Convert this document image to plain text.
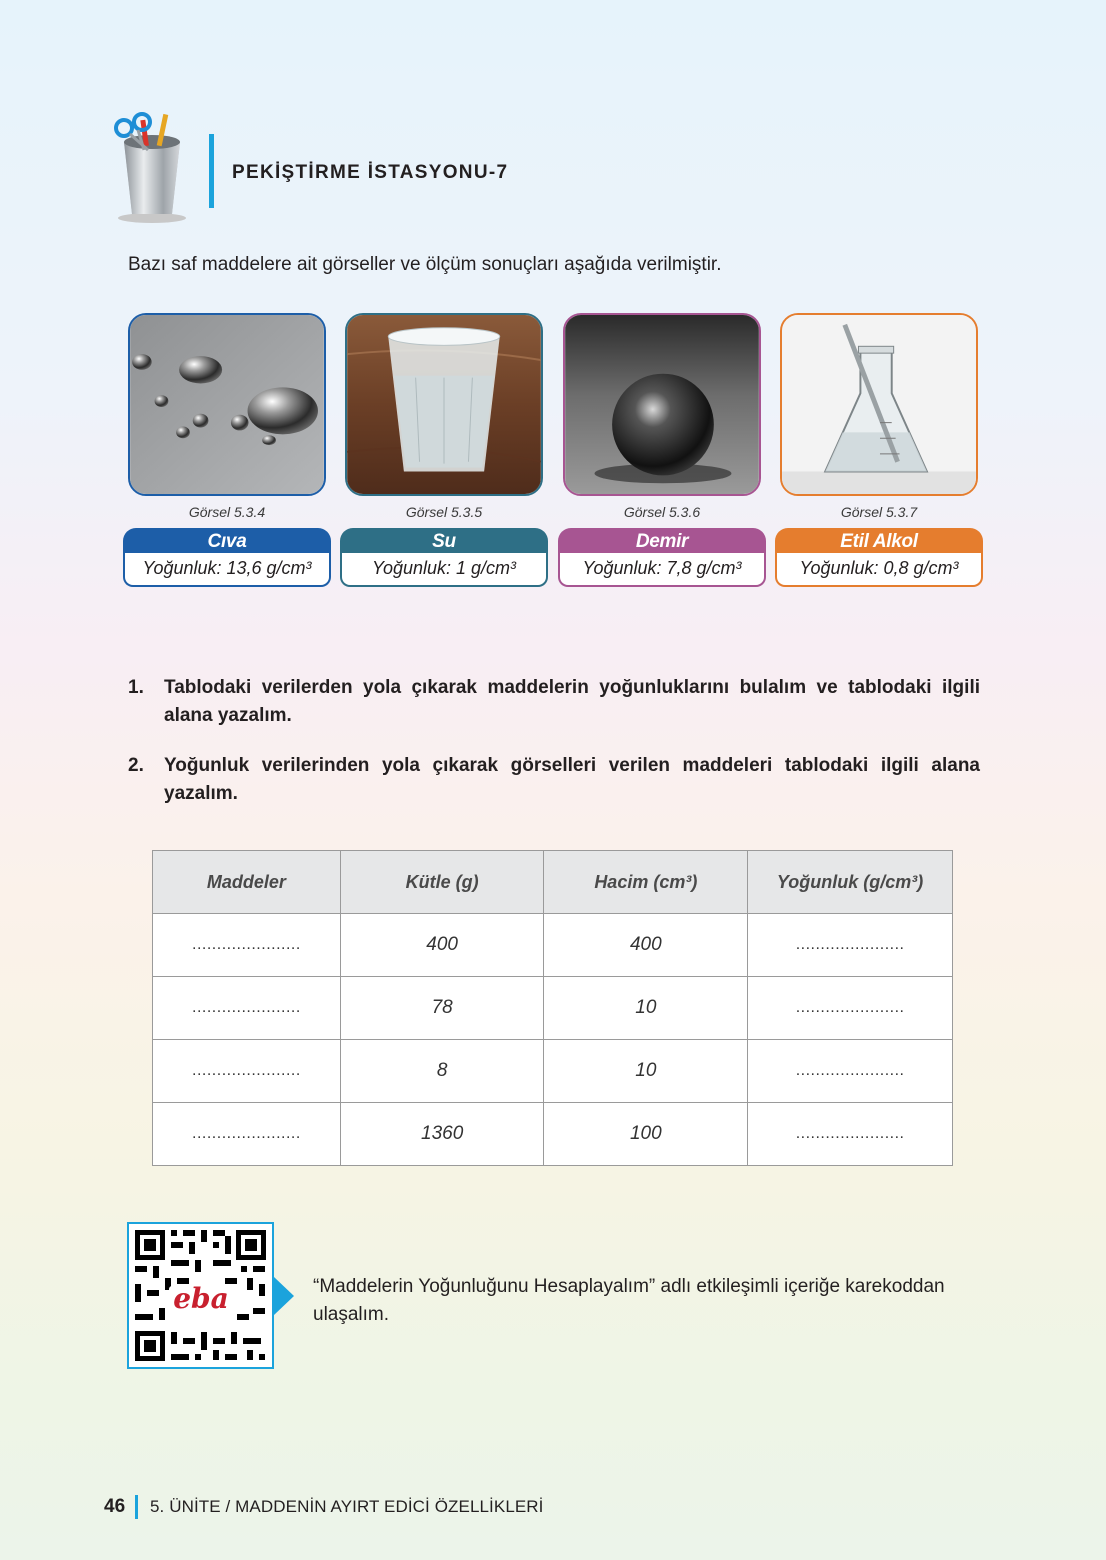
PEKİŞTİRME İSTASYONU-7
Bazı saf maddelere ait görseller ve ölçüm sonuçları aşağıda verilmiştir.
Görsel 5.3.4	Görsel 5.3.5	Görsel 5.3.6	Görsel 5.3.7
Cıva
Yoğunluk: 13,6 g/cm³
Su
Yoğunluk: 1 g/cm³
Demir
Yoğunluk: 7,8 g/cm³
Etil Alkol
Yoğunluk: 0,8 g/cm³
1. Tablodaki verilerden yola çıkarak maddelerin yoğunluklarını bulalım ve tablodaki ilgili alana yazalım.
2. Yoğunluk verilerinden yola çıkarak görselleri verilen maddeleri tablodaki ilgili alana yazalım.
Maddeler	Kütle (g)	Hacim (cm³)	Yoğunluk (g/cm³)
......................	400	400	......................
......................	78	10	......................
......................	8	10	......................
......................	1360	100	......................
eba	“Maddelerin Yoğunluğunu Hesaplayalım” adlı etkileşimli içeriğe karekoddan ulaşalım.
46 5. ÜNİTE / MADDENİN AYIRT EDİCİ ÖZELLİKLERİ
